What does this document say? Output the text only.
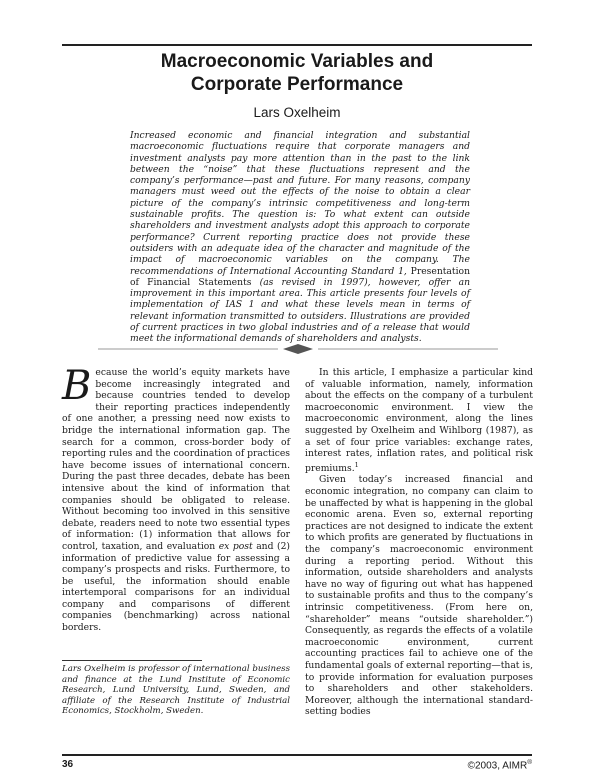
Macroeconomic Variables and
Corporate Performance
Lars Oxelheim
Increased economic and financial integration and substantial macroeconomic fluctuations require that corporate managers and investment analysts pay more attention than in the past to the link between the “noise” that these fluctuations represent and the company’s performance—past and future. For many reasons, company managers must weed out the effects of the noise to obtain a clear picture of the company’s intrinsic competitiveness and long-term sustainable profits. The question is: To what extent can outside shareholders and investment analysts adopt this approach to corporate performance? Current reporting practice does not provide these outsiders with an adequate idea of the character and magnitude of the impact of macroeconomic variables on the company. The recommendations of International Accounting Standard 1, Presentation of Financial Statements (as revised in 1997), however, offer an improvement in this important area. This article presents four levels of implementation of IAS 1 and what these levels mean in terms of relevant information transmitted to outsiders. Illustrations are provided of current practices in two global industries and of a release that would meet the informational demands of shareholders and analysts.

Because the world’s equity markets have become increasingly integrated and because countries tended to develop their reporting practices independently of one another, a pressing need now exists to bridge the international information gap. The search for a common, cross-border body of reporting rules and the coordination of practices have become issues of international concern. During the past three decades, debate has been intensive about the kind of information that companies should be obligated to release. Without becoming too involved in this sensitive debate, readers need to note two essential types of information: (1) information that allows for control, taxation, and evaluation ex post and (2) information of predictive value for assessing a company’s prospects and risks. Furthermore, to be useful, the information should enable intertemporal comparisons for an individual company and comparisons of different companies (benchmarking) across national borders.

In this article, I emphasize a particular kind of valuable information, namely, information about the effects on the company of a turbulent macroeconomic environment. I view the macroeconomic environment, along the lines suggested by Oxelheim and Wihlborg (1987), as a set of four price variables: exchange rates, interest rates, inflation rates, and political risk premiums.$^1$

Given today’s increased financial and economic integration, no company can claim to be unaffected by what is happening in the global economic arena. Even so, external reporting practices are not designed to indicate the extent to which profits are generated by fluctuations in the company’s macroeconomic environment during a reporting period. Without this information, outside shareholders and analysts have no way of figuring out what has happened to sustainable profits and thus to the company’s intrinsic competitiveness. (From here on, “shareholder” means “outside shareholder.”) Consequently, as regards the effects of a volatile macroeconomic environment, current accounting practices fail to achieve one of the fundamental goals of external reporting—that is, to provide information for evaluation purposes to shareholders and other stakeholders. Moreover, although the international standard-setting bodies

Lars Oxelheim is professor of international business and finance at the Lund Institute of Economic Research, Lund University, Lund, Sweden, and affiliate of the Research Institute of Industrial Economics, Stockholm, Sweden.
36	©2003, AIMR®
